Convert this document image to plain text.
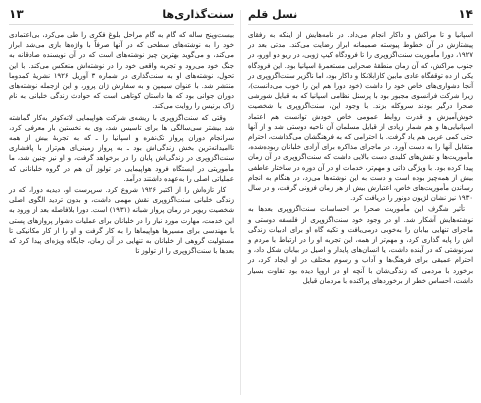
سنت‌گذاری‌ها
۱۳

بیست‌وپنج ساله که گام به گام مراحل بلوغ فکری را طی می‌کرد، بی‌اعتمادی خود را به نوشته‌های سطحی که در آنها صرفاً با واژه‌ها بازی می‌شد ابراز می‌کند، و می‌گوید بهترین چیز نوشته‌های است که در آن نویسنده صادقانه به جنگ خود می‌رود و تجربه واقعی خود را در نوشته‌اش منعکس می‌کند. با این تحول، نوشته‌های او به سنت‌گذاری در شماره ۳ آوریل ۱۹۲۶ نشریهٔ کمدوما منتشر شد. با عنوان سیمپن و به سفارش ژان پرور، و این ازجمله نوشته‌های دوران جوانی بود که ‌ها داستان کوتاهی است که حوادث زندگی خلبانی به نام ژاک برنیس را روایت می‌کند.

وقتی که سنت‌اگزوپری با ریشه‌ی شرکت هواپیمایی لاته‌کوئر به‌کار گماشته شد بیشتر سی‌سالگی ‌ها برای تاسیس شد، وی به نخستین بار معرفی کرد، سرانجام دوران پرواز تک‌نفره و اسپانیا را ـ که به تجربهٔ بیش از همه ناامیدانه‌ترین بخش زندگی‌اش بود ـ به پرواز زمینی‌ای هم‌تراز با پافشاری سنت‌اگزوپری در زندگی‌اش پایان را در برخواهد گرفت، و او نیز چنین شد، ما مأموریتی در ایستگاه فرود هواپیمایی در تولوز آن هم در گروه خلبانانی که عملیاتی اصلی را به‌عهده داشتند درآمد.

کار تازه‌اش را از اکتبر ۱۹۲۶ شروع کرد. سرپرست او، دیدیه دورا، که در زندگی خلبانی سنت‌اگزوپری نقش مهمی داشت، و بدون تردید الگوی اصلی شخصیت ریویر در رمان پرواز شبانه (۱۹۳۱) است. دورا بلافاصله بعد از ورود به این خدمت، مهارت مورد نیاز را در خلبانان برای عملیات دشوار پروازهای پستی با مهندسی برای مسیرها هواپیماها را به کار گرفت و او را از کار مکانیکی تا مسئولیت گروهی از خلبانان به تنهایی در آن زمان، جایگاه ویژه‌ای پیدا کرد که بعدها با سنت‌اگزوپری را از تولوز تا

۱۴
نسل قلم

اسپانیا و تا مراکش و داکار انجام می‌داد. در نامه‌هایش از اینکه به رفقای پیشتازش در آن خطوط پیوسته صمیمانه ابراز رضایت می‌کند. مدتی بعد در ۱۹۲۷، دورا مأموریت سنت‌اگزوپری را تا فرودگاه کیپ ژوبی، در ریو دو اورو، در جنوب مراکش، که آن زمان منطقهٔ صحرایی مستعمرهٔ اسپانیا بود. این فرودگاه یکی از ده توقفگاه عادی مابین کازابلانکا و داکار بود، اما ناگزیر سنت‌اگزوپری در آنجا دشواری‌های خاص خود را داشت (خود دورا هم این را خوب می‌دانست)، زیرا شرکت فرانسوی مجبور بود با پرسنل نظامی اسپانیا که به قبایل شورشی صحرا درگیر بودند سروکله بزند. با وجود این، سنت‌اگزوپری با شخصیت خوش‌آمیزش و قدرت روابط عمومی خاص خودش توانست هم اعتماد اسپانیایی‌ها و هم شمار زیادی از قبایل مسلمان آن ناحیه دوستی شد و از آنها حتی کمی عربی هم یاد گرفت. با احترامی که به فرهنگشان می‌گذاشت، احترام متقابل آنها را به دست آورد. در ماجرای مذاکره برای آزادی خلبانان ربوده‌شده، مأموریت‌ها و نقش‌های کلیدی دست بالایی داشت که سنت‌اگزوپری در آن زمان پیدا کرده بود. با ویژگی ذاتی و مهم‌تر، خدمات او در آن دوره در ساختار عاطفی بیش از همه‌چیز بوده است و دست به این نوشته‌ها می‌زد، در هنگام به انجام رساندن مأموریت‌های خاص، اعتبارش بیش از هر زمان فزونی گرفت، و در سال ۱۹۳۰ نیز نشان لژیون دونور را دریافت کرد.

تأثیر شگرف این مأموریت صحرا بر احساسات سنت‌اگزوپری بعدها به نوشته‌هایش آشکار شد. او در وجود خود سنت‌اگزوپری از فلسفه دوستی و ماجرای تنهایی بیابان را به‌خوبی درمی‌یافت و تکیه گاه او برای ادبیات زندگی اش را پایه گذاری کرد، و مهم‌تر از همه، این تجربه او را در ارتباط با مردم و سرنوشتی که در آینده داشت، یا انسان‌های پایدار و اصیل در بیابان شکل داد، و احترام عمیقی برای فرهنگ‌ها و آداب و رسوم مختلف در او ایجاد کرد، در برخورد با مردمی که زندگی‌شان با آنچه او در اروپا دیده بود تفاوت بسیار داشت، احساس خطر از برخوردهای پراکنده با مردمان قبایل
